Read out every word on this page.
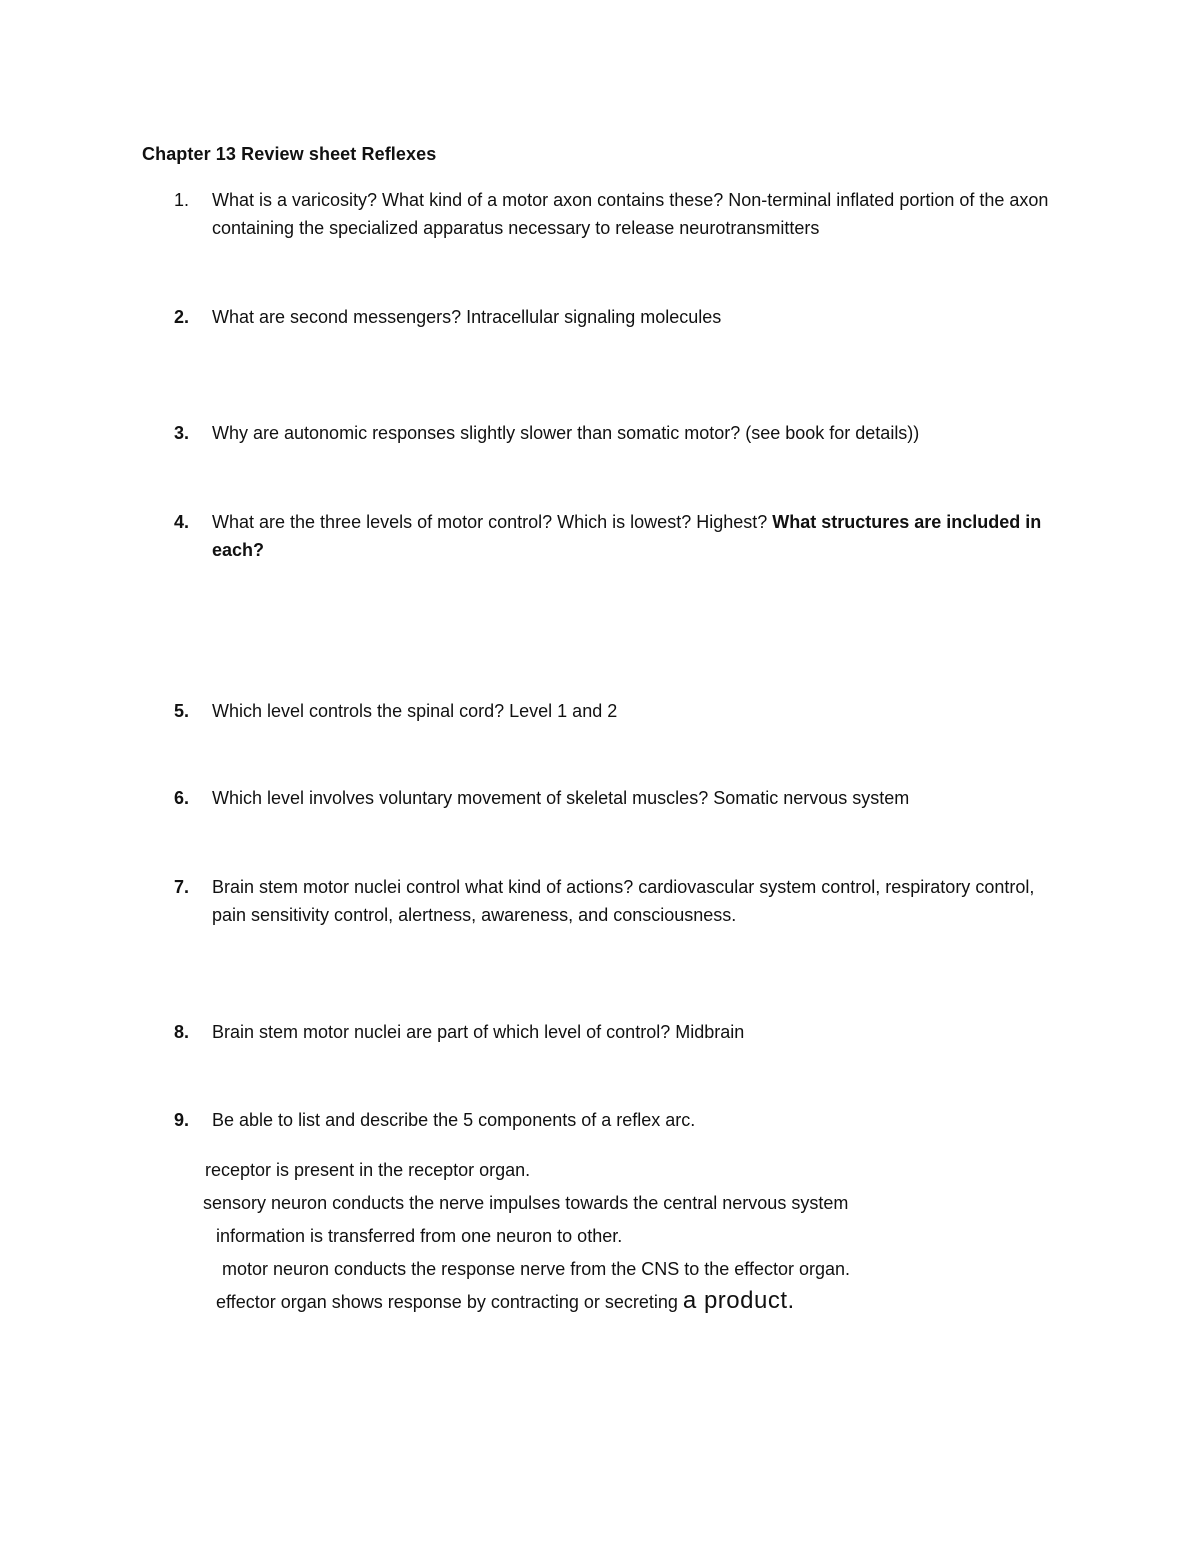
Chapter 13 Review sheet Reflexes
1.	What is a varicosity? What kind of a motor axon contains these? Non-terminal inflated portion of the axon containing the specialized apparatus necessary to release neurotransmitters
2.	What are second messengers? Intracellular signaling molecules
3.	Why are autonomic responses slightly slower than somatic motor? (see book for details))
4.	What are the three levels of motor control? Which is lowest? Highest? What structures are included in each?
5.	Which level controls the spinal cord? Level 1 and 2
6.	Which level involves voluntary movement of skeletal muscles? Somatic nervous system
7.	Brain stem motor nuclei control what kind of actions? cardiovascular system control, respiratory control, pain sensitivity control, alertness, awareness, and consciousness.
8.	Brain stem motor nuclei are part of which level of control? Midbrain
9.	Be able to list and describe the 5 components of a reflex arc.
receptor is present in the receptor organ.
sensory neuron conducts the nerve impulses towards the central nervous system
information is transferred from one neuron to other.
motor neuron conducts the response nerve from the CNS to the effector organ.
effector organ shows response by contracting or secreting a product.
